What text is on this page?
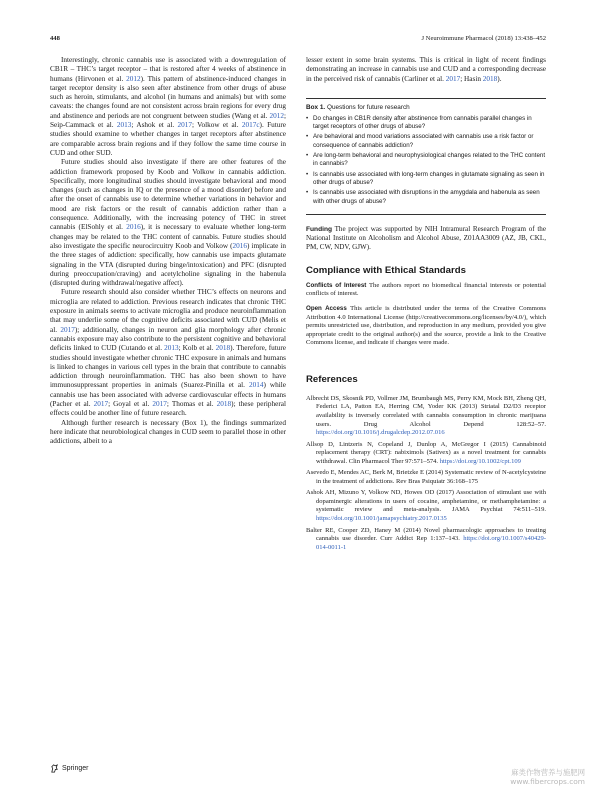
448	J Neuroimmune Pharmacol (2018) 13:438–452

Interestingly, chronic cannabis use is associated with a downregulation of CB1R – THC’s target receptor – that is restored after 4 weeks of abstinence in humans (Hirvonen et al. 2012). This pattern of abstinence-induced changes in target receptor density is also seen after abstinence from other drugs of abuse such as heroin, stimulants, and alcohol (in humans and animals) but with some caveats: the changes found are not consistent across brain regions for every drug and abstinence and periods are not congruent between studies (Wang et al. 2012; Seip-Cammack et al. 2013; Ashok et al. 2017; Volkow et al. 2017c). Future studies should examine to whether changes in target receptors after abstinence are comparable across brain regions and if they follow the same time course in CUD and other SUD.

Future studies should also investigate if there are other features of the addiction framework proposed by Koob and Volkow in cannabis addiction. Specifically, more longitudinal studies should investigate behavioral and mood changes (such as changes in IQ or the presence of a mood disorder) before and after the onset of cannabis use to determine whether variations in behavior and mood are risk factors or the result of cannabis addiction rather than a consequence. Additionally, with the increasing potency of THC in street cannabis (ElSohly et al. 2016), it is necessary to evaluate whether long-term changes may be related to the THC content of cannabis. Future studies should also investigate the specific neurocircuitry Koob and Volkow (2016) implicate in the three stages of addiction: specifically, how cannabis use impacts glutamate signaling in the VTA (disrupted during binge/intoxication) and PFC (disrupted during preoccupation/craving) and acetylcholine signaling in the habenula (disrupted during withdrawal/negative affect).

Future research should also consider whether THC’s effects on neurons and microglia are related to addiction. Previous research indicates that chronic THC exposure in animals seems to activate microglia and produce neuroinflammation that may underlie some of the cognitive deficits associated with CUD (Melis et al. 2017); additionally, changes in neuron and glia morphology after chronic cannabis exposure may also contribute to the persistent cognitive and behavioral deficits linked to CUD (Cutando et al. 2013; Kolb et al. 2018). Therefore, future studies should investigate whether chronic THC exposure in animals and humans is linked to changes in various cell types in the brain that contribute to cannabis addiction through neuroinflammation. THC has also been shown to have immunosuppressant properties in animals (Suarez-Pinilla et al. 2014) while cannabis use has been associated with adverse cardiovascular effects in humans (Pacher et al. 2017; Goyal et al. 2017; Thomas et al. 2018); these peripheral effects could be another line of future research.

Although further research is necessary (Box 1), the findings summarized here indicate that neurobiological changes in CUD seem to parallel those in other addictions, albeit to a

lesser extent in some brain systems. This is critical in light of recent findings demonstrating an increase in cannabis use and CUD and a corresponding decrease in the perceived risk of cannabis (Carliner et al. 2017; Hasin 2018).

Box 1. Questions for future research
• Do changes in CB1R density after abstinence from cannabis parallel changes in target receptors of other drugs of abuse?
• Are behavioral and mood variations associated with cannabis use a risk factor or consequence of cannabis addiction?
• Are long-term behavioral and neurophysiological changes related to the THC content in cannabis?
• Is cannabis use associated with long-term changes in glutamate signaling as seen in other drugs of abuse?
• Is cannabis use associated with disruptions in the amygdala and habenula as seen with other drugs of abuse?
Funding The project was supported by NIH Intramural Research Program of the National Institute on Alcoholism and Alcohol Abuse, Z01AA3009 (AZ, JB, CKL, PM, CW, NDV, GJW).
Compliance with Ethical Standards

Conflicts of Interest The authors report no biomedical financial interests or potential conflicts of interest.

Open Access This article is distributed under the terms of the Creative Commons Attribution 4.0 International License (http://creativecommons.org/licenses/by/4.0/), which permits unrestricted use, distribution, and reproduction in any medium, provided you give appropriate credit to the original author(s) and the source, provide a link to the Creative Commons license, and indicate if changes were made.

References

Albrecht DS, Skosnik PD, Vollmer JM, Brumbaugh MS, Perry KM, Mock BH, Zheng QH, Federici LA, Patton EA, Herring CM, Yoder KK (2013) Striatal D2/D3 receptor availability is inversely correlated with cannabis consumption in chronic marijuana users. Drug Alcohol Depend 128:52–57. https://doi.org/10.1016/j.drugalcdep.2012.07.016

Allsop D, Lintzeris N, Copeland J, Dunlop A, McGregor I (2015) Cannabinoid replacement therapy (CRT): nabiximols (Sativex) as a novel treatment for cannabis withdrawal. Clin Pharmacol Ther 97:571–574. https://doi.org/10.1002/cpt.109

Asevedo E, Mendes AC, Berk M, Brietzke E (2014) Systematic review of N-acetylcysteine in the treatment of addictions. Rev Bras Psiquiatr 36:168–175

Ashok AH, Mizuno Y, Volkow ND, Howes OD (2017) Association of stimulant use with dopaminergic alterations in users of cocaine, amphetamine, or methamphetamine: a systematic review and meta-analysis. JAMA Psychiat 74:511–519. https://doi.org/10.1001/jamapsychiatry.2017.0135

Balter RE, Cooper ZD, Haney M (2014) Novel pharmacologic approaches to treating cannabis use disorder. Curr Addict Rep 1:137–143. https://doi.org/10.1007/s40429-014-0011-1

Springer	麻类作物营养与施肥网
www.fibercrops.com
